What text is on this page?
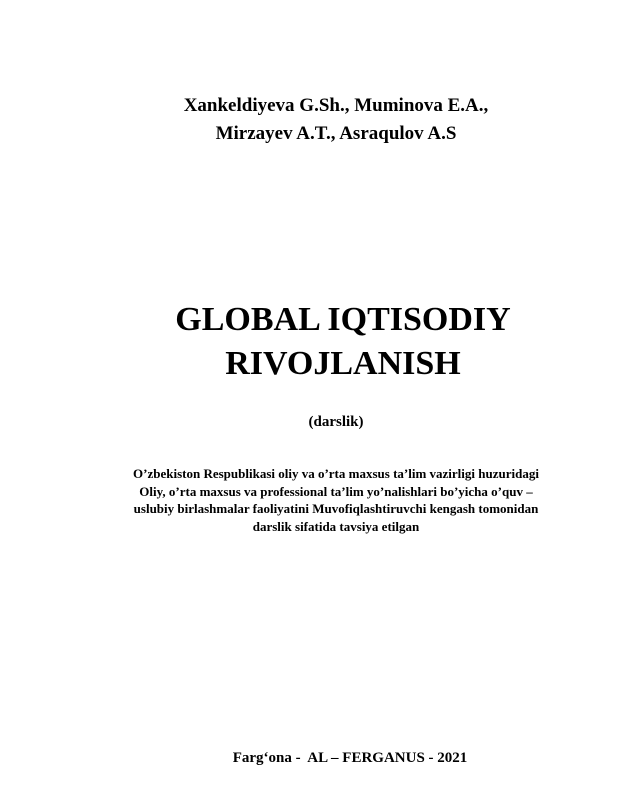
Xankeldiyeva G.Sh., Muminova E.A.,
Mirzayev A.T., Asraqulov A.S
GLOBAL IQTISODIY
RIVOJLANISH
(darslik)
O’zbekiston Respublikasi oliy va o’rta maxsus ta’lim vazirligi huzuridagi
Oliy, o’rta maxsus va professional ta’lim yo’nalishlari bo’yicha o’quv –
uslubiy birlashmalar faoliyatini Muvofiqlashtiruvchi kengash tomonidan
darslik sifatida tavsiya etilgan
Farg‘ona -  AL – FERGANUS - 2021
